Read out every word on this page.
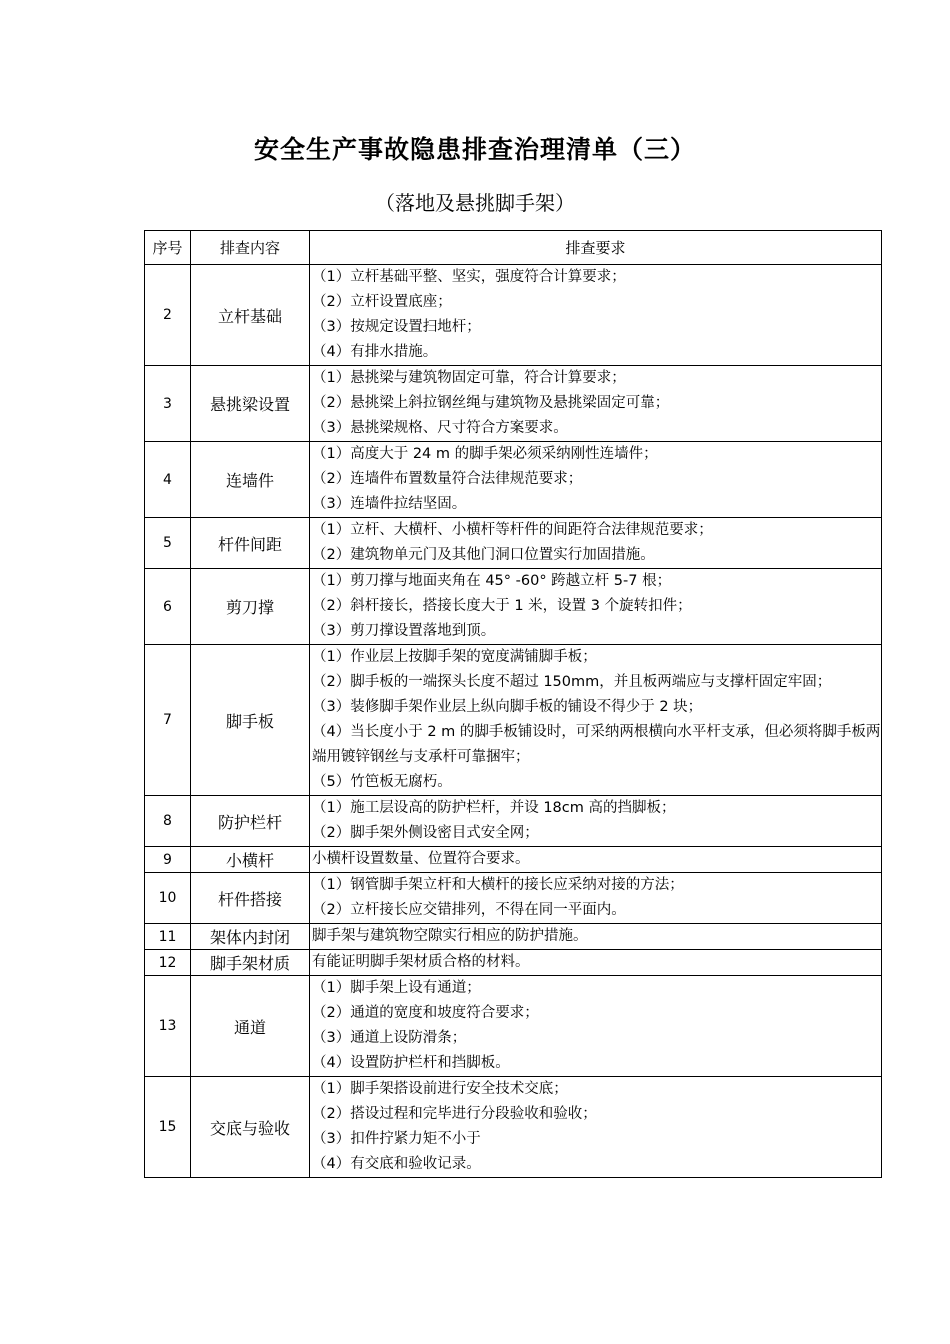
安全生产事故隐患排查治理清单（三）
（落地及悬挑脚手架）
序号	排查内容	排查要求
2	立杆基础	（1）立杆基础平整、坚实，强度符合计算要求；
（2）立杆设置底座；
（3）按规定设置扫地杆；
（4）有排水措施。

3	悬挑梁设置	（1）悬挑梁与建筑物固定可靠，符合计算要求；
（2）悬挑梁上斜拉钢丝绳与建筑物及悬挑梁固定可靠；
（3）悬挑梁规格、尺寸符合方案要求。

4	连墙件	（1）高度大于 24 m 的脚手架必须采纳刚性连墙件；
（2）连墙件布置数量符合法律规范要求；
（3）连墙件拉结坚固。

5	杆件间距	（1）立杆、大横杆、小横杆等杆件的间距符合法律规范要求；
（2）建筑物单元门及其他门洞口位置实行加固措施。

6	剪刀撑	（1）剪刀撑与地面夹角在 45° -60° 跨越立杆 5-7 根；
（2）斜杆接长，搭接长度大于 1 米，设置 3 个旋转扣件；
（3）剪刀撑设置落地到顶。

7	脚手板	（1）作业层上按脚手架的宽度满铺脚手板；
（2）脚手板的一端探头长度不超过 150mm，并且板两端应与支撑杆固定牢固；
（3）装修脚手架作业层上纵向脚手板的铺设不得少于 2 块；
（4）当长度小于 2 m 的脚手板铺设时，可采纳两根横向水平杆支承，但必须将脚手板两端用镀锌钢丝与支承杆可靠捆牢；
（5）竹笆板无腐朽。

8	防护栏杆	（1）施工层设高的防护栏杆，并设 18cm 高的挡脚板；
（2）脚手架外侧设密目式安全网；

9	小横杆	小横杆设置数量、位置符合要求。

10	杆件搭接	（1）钢管脚手架立杆和大横杆的接长应采纳对接的方法；
（2）立杆接长应交错排列，不得在同一平面内。

11	架体内封闭	脚手架与建筑物空隙实行相应的防护措施。

12	脚手架材质	有能证明脚手架材质合格的材料。

13	通道	（1）脚手架上设有通道；
（2）通道的宽度和坡度符合要求；
（3）通道上设防滑条；
（4）设置防护栏杆和挡脚板。

15	交底与验收	（1）脚手架搭设前进行安全技术交底；
（2）搭设过程和完毕进行分段验收和验收；
（3）扣件拧紧力矩不小于
（4）有交底和验收记录。
